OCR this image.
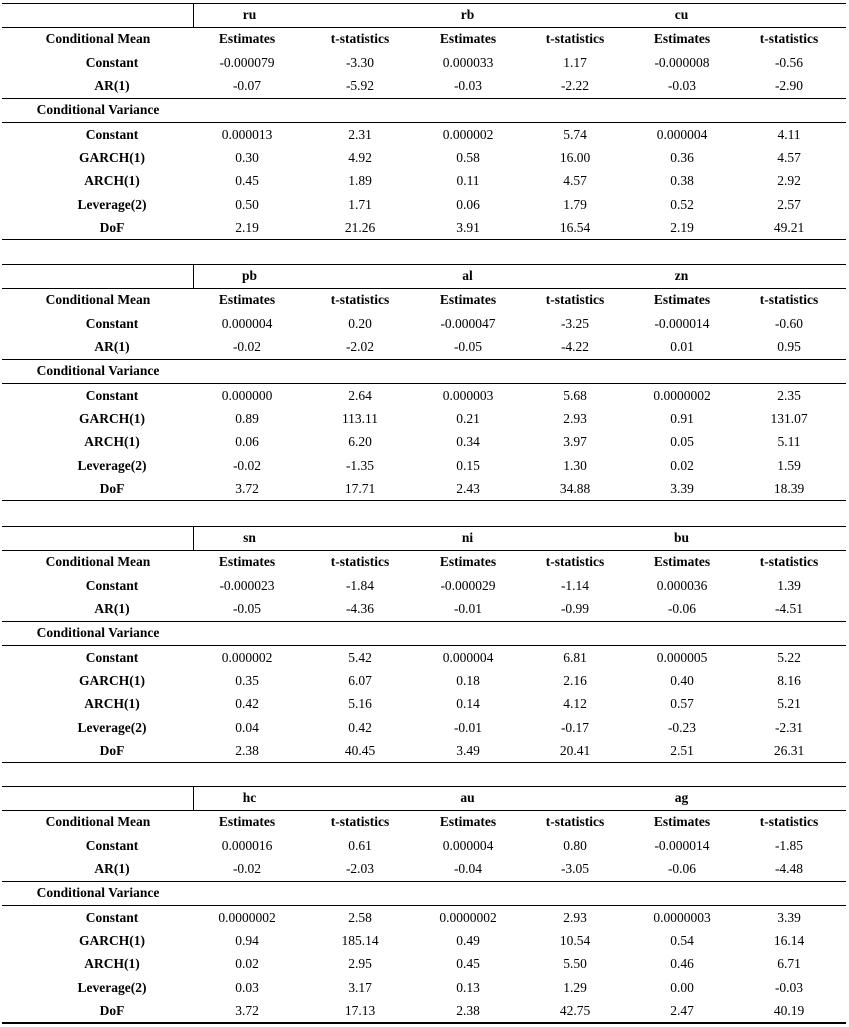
ru	rb	cu
Conditional Mean	Estimates	t-statistics	Estimates	t-statistics	Estimates	t-statistics
Constant	-0.000079	-3.30	0.000033	1.17	-0.000008	-0.56
AR(1)	-0.07	-5.92	-0.03	-2.22	-0.03	-2.90
Conditional Variance
Constant	0.000013	2.31	0.000002	5.74	0.000004	4.11
GARCH(1)	0.30	4.92	0.58	16.00	0.36	4.57
ARCH(1)	0.45	1.89	0.11	4.57	0.38	2.92
Leverage(2)	0.50	1.71	0.06	1.79	0.52	2.57
DoF	2.19	21.26	3.91	16.54	2.19	49.21
pb	al	zn
Conditional Mean	Estimates	t-statistics	Estimates	t-statistics	Estimates	t-statistics
Constant	0.000004	0.20	-0.000047	-3.25	-0.000014	-0.60
AR(1)	-0.02	-2.02	-0.05	-4.22	0.01	0.95
Conditional Variance
Constant	0.000000	2.64	0.000003	5.68	0.0000002	2.35
GARCH(1)	0.89	113.11	0.21	2.93	0.91	131.07
ARCH(1)	0.06	6.20	0.34	3.97	0.05	5.11
Leverage(2)	-0.02	-1.35	0.15	1.30	0.02	1.59
DoF	3.72	17.71	2.43	34.88	3.39	18.39
sn	ni	bu
Conditional Mean	Estimates	t-statistics	Estimates	t-statistics	Estimates	t-statistics
Constant	-0.000023	-1.84	-0.000029	-1.14	0.000036	1.39
AR(1)	-0.05	-4.36	-0.01	-0.99	-0.06	-4.51
Conditional Variance
Constant	0.000002	5.42	0.000004	6.81	0.000005	5.22
GARCH(1)	0.35	6.07	0.18	2.16	0.40	8.16
ARCH(1)	0.42	5.16	0.14	4.12	0.57	5.21
Leverage(2)	0.04	0.42	-0.01	-0.17	-0.23	-2.31
DoF	2.38	40.45	3.49	20.41	2.51	26.31
hc	au	ag
Conditional Mean	Estimates	t-statistics	Estimates	t-statistics	Estimates	t-statistics
Constant	0.000016	0.61	0.000004	0.80	-0.000014	-1.85
AR(1)	-0.02	-2.03	-0.04	-3.05	-0.06	-4.48
Conditional Variance
Constant	0.0000002	2.58	0.0000002	2.93	0.0000003	3.39
GARCH(1)	0.94	185.14	0.49	10.54	0.54	16.14
ARCH(1)	0.02	2.95	0.45	5.50	0.46	6.71
Leverage(2)	0.03	3.17	0.13	1.29	0.00	-0.03
DoF	3.72	17.13	2.38	42.75	2.47	40.19
